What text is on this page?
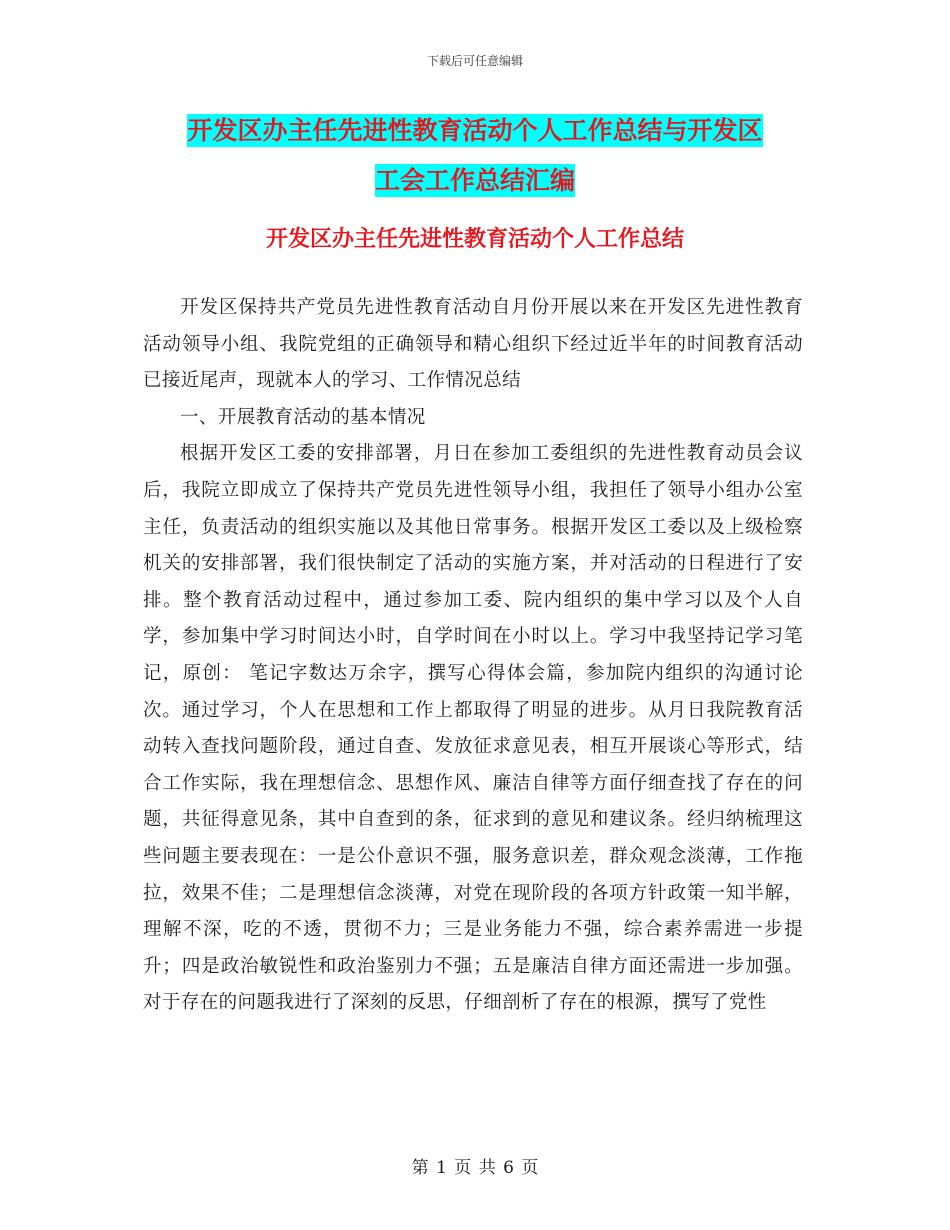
下载后可任意编辑
开发区办主任先进性教育活动个人工作总结与开发区
工会工作总结汇编
开发区办主任先进性教育活动个人工作总结

开发区保持共产党员先进性教育活动自月份开展以来在开发区先进性教育活动领导小组、我院党组的正确领导和精心组织下经过近半年的时间教育活动已接近尾声，现就本人的学习、工作情况总结

一、开展教育活动的基本情况

根据开发区工委的安排部署，月日在参加工委组织的先进性教育动员会议后，我院立即成立了保持共产党员先进性领导小组，我担任了领导小组办公室主任，负责活动的组织实施以及其他日常事务。根据开发区工委以及上级检察机关的安排部署，我们很快制定了活动的实施方案，并对活动的日程进行了安排。整个教育活动过程中，通过参加工委、院内组织的集中学习以及个人自学，参加集中学习时间达小时，自学时间在小时以上。学习中我坚持记学习笔记，原创： 笔记字数达万余字，撰写心得体会篇，参加院内组织的沟通讨论次。通过学习，个人在思想和工作上都取得了明显的进步。从月日我院教育活动转入查找问题阶段，通过自查、发放征求意见表，相互开展谈心等形式，结合工作实际，我在理想信念、思想作风、廉洁自律等方面仔细查找了存在的问题，共征得意见条，其中自查到的条，征求到的意见和建议条。经归纳梳理这些问题主要表现在：一是公仆意识不强，服务意识差，群众观念淡薄，工作拖拉，效果不佳；二是理想信念淡薄，对党在现阶段的各项方针政策一知半解，理解不深，吃的不透，贯彻不力；三是业务能力不强，综合素养需进一步提升；四是政治敏锐性和政治鉴别力不强；五是廉洁自律方面还需进一步加强。对于存在的问题我进行了深刻的反思，仔细剖析了存在的根源，撰写了党性

第 1 页 共 6 页
